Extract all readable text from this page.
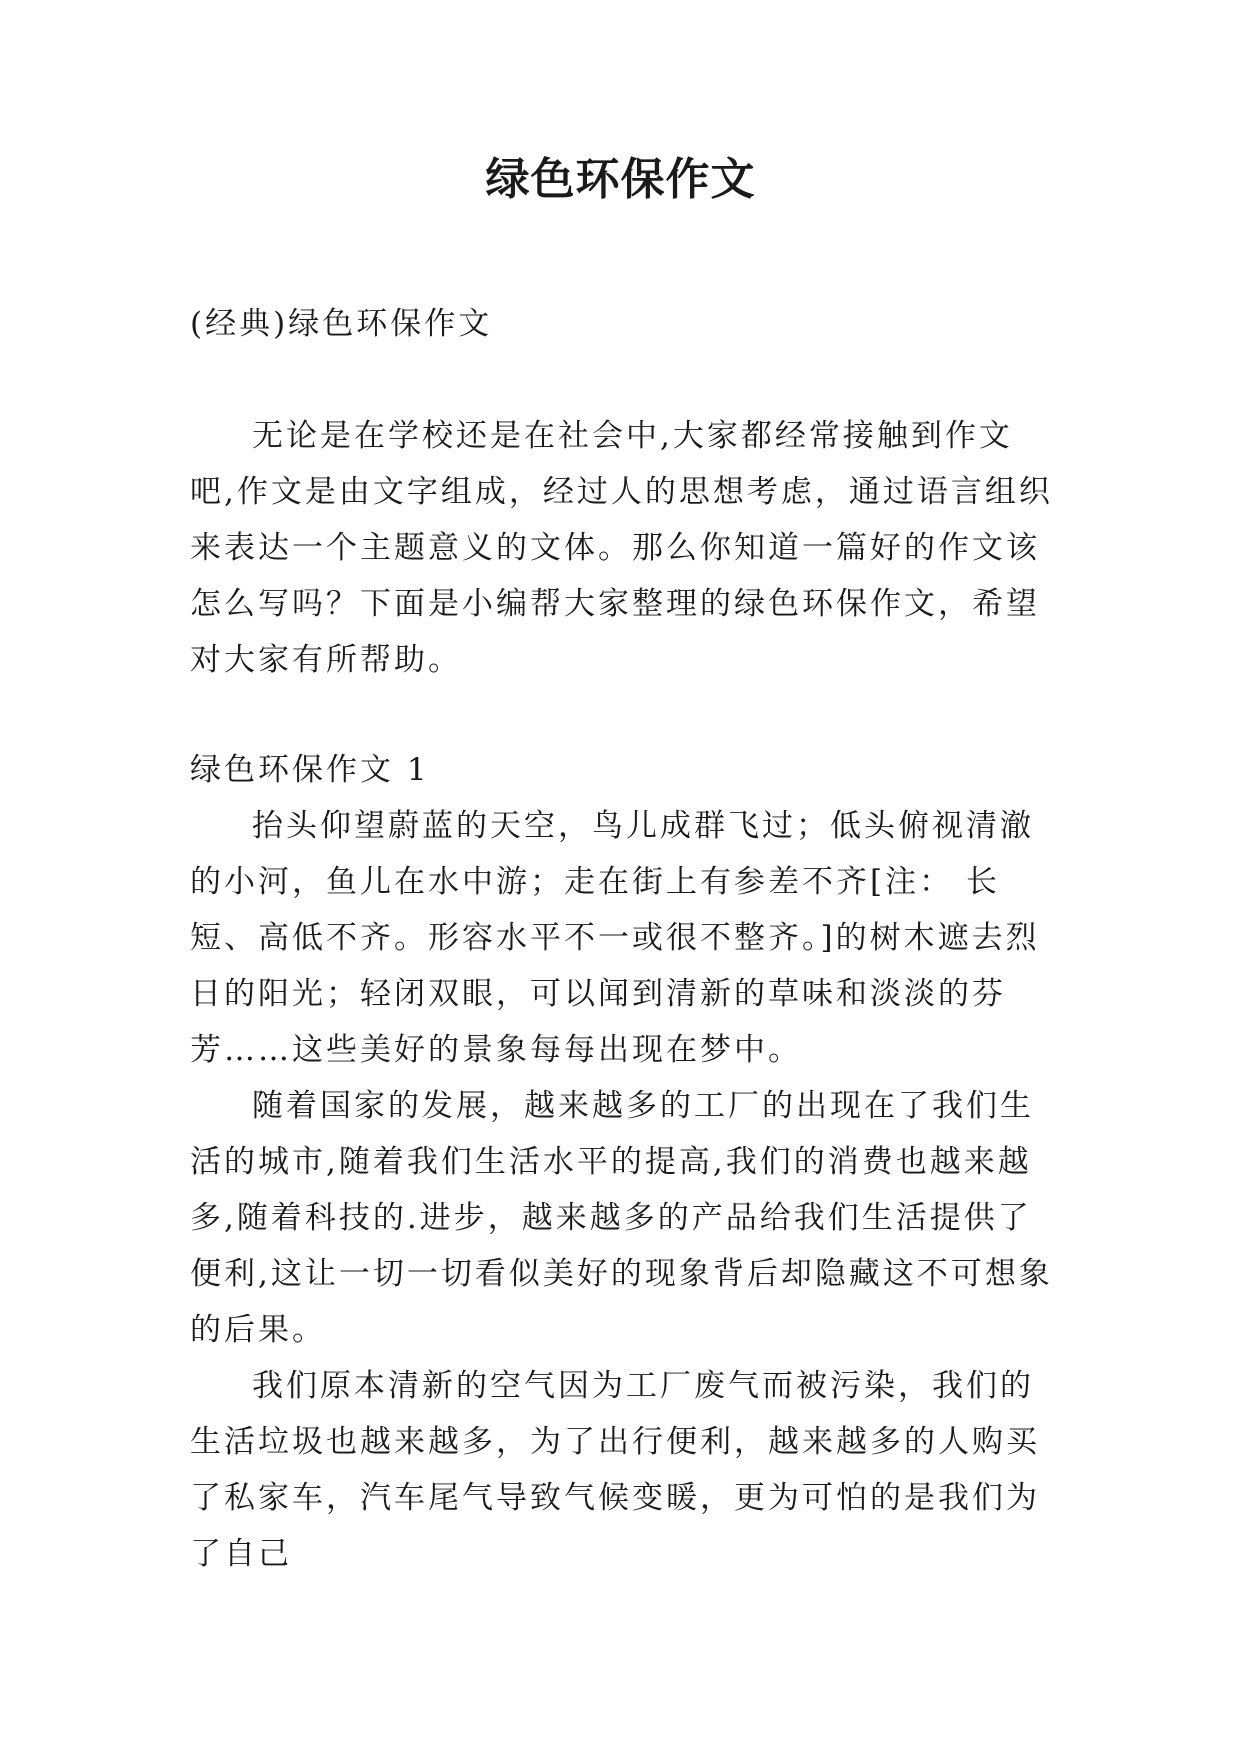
绿色环保作文

(经典)绿色环保作文

无论是在学校还是在社会中,大家都经常接触到作文吧,作文是由文字组成，经过人的思想考虑，通过语言组织来表达一个主题意义的文体。那么你知道一篇好的作文该怎么写吗？下面是小编帮大家整理的绿色环保作文，希望对大家有所帮助。

绿色环保作文 1

抬头仰望蔚蓝的天空，鸟儿成群飞过；低头俯视清澈的小河，鱼儿在水中游；走在街上有参差不齐[注： 长短、高低不齐。形容水平不一或很不整齐。]的树木遮去烈日的阳光；轻闭双眼，可以闻到清新的草味和淡淡的芬芳……这些美好的景象每每出现在梦中。

随着国家的发展，越来越多的工厂的出现在了我们生活的城市,随着我们生活水平的提高,我们的消费也越来越多,随着科技的.进步，越来越多的产品给我们生活提供了便利,这让一切一切看似美好的现象背后却隐藏这不可想象的后果。

我们原本清新的空气因为工厂废气而被污染，我们的生活垃圾也越来越多，为了出行便利，越来越多的人购买了私家车，汽车尾气导致气候变暖，更为可怕的是我们为了自己
